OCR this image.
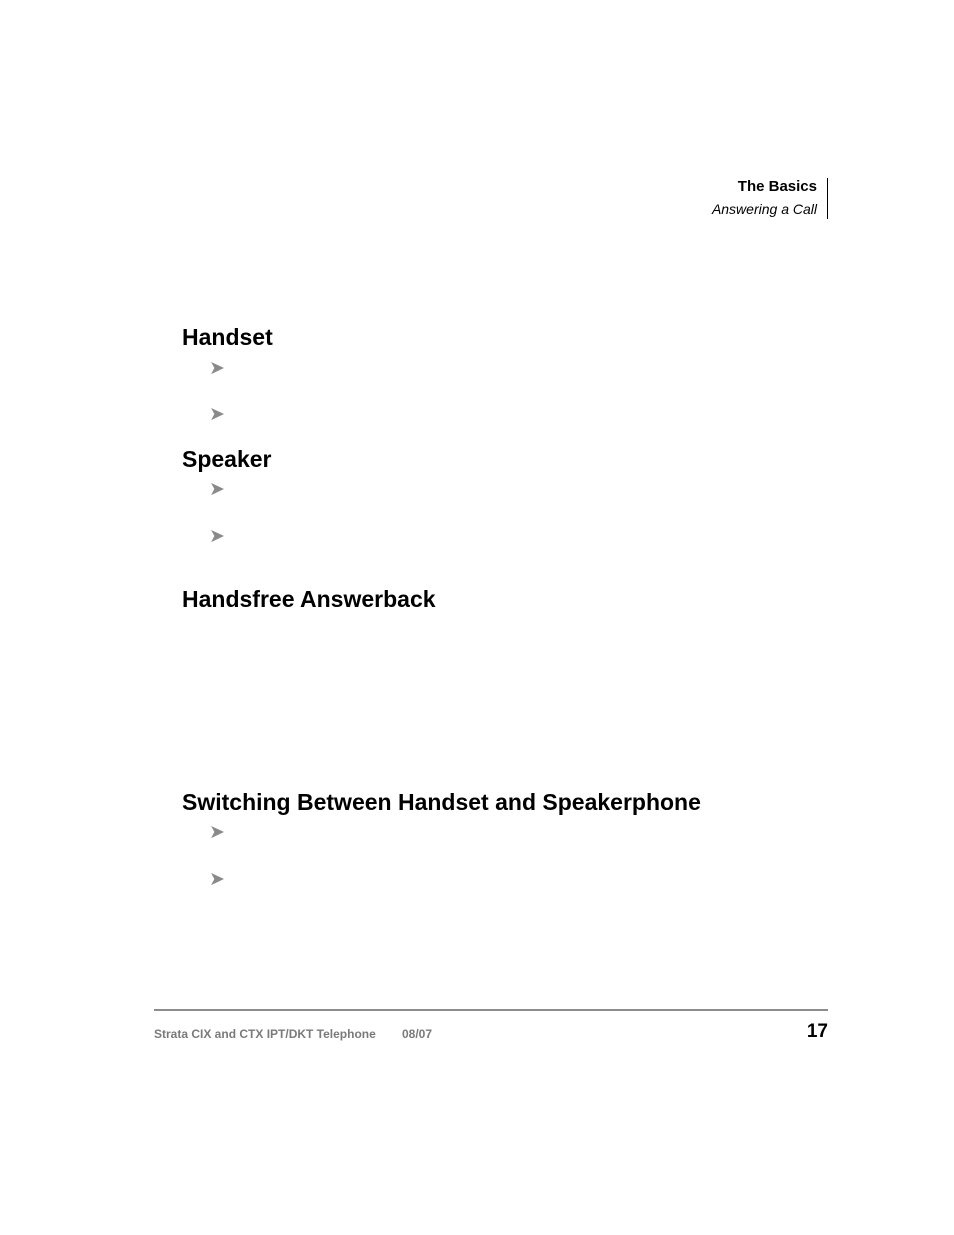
The Basics
Answering a Call
Handset
➤
➤
Speaker
➤
➤
Handsfree Answerback
Switching Between Handset and Speakerphone
➤
➤
Strata CIX and CTX IPT/DKT Telephone 08/07	17
